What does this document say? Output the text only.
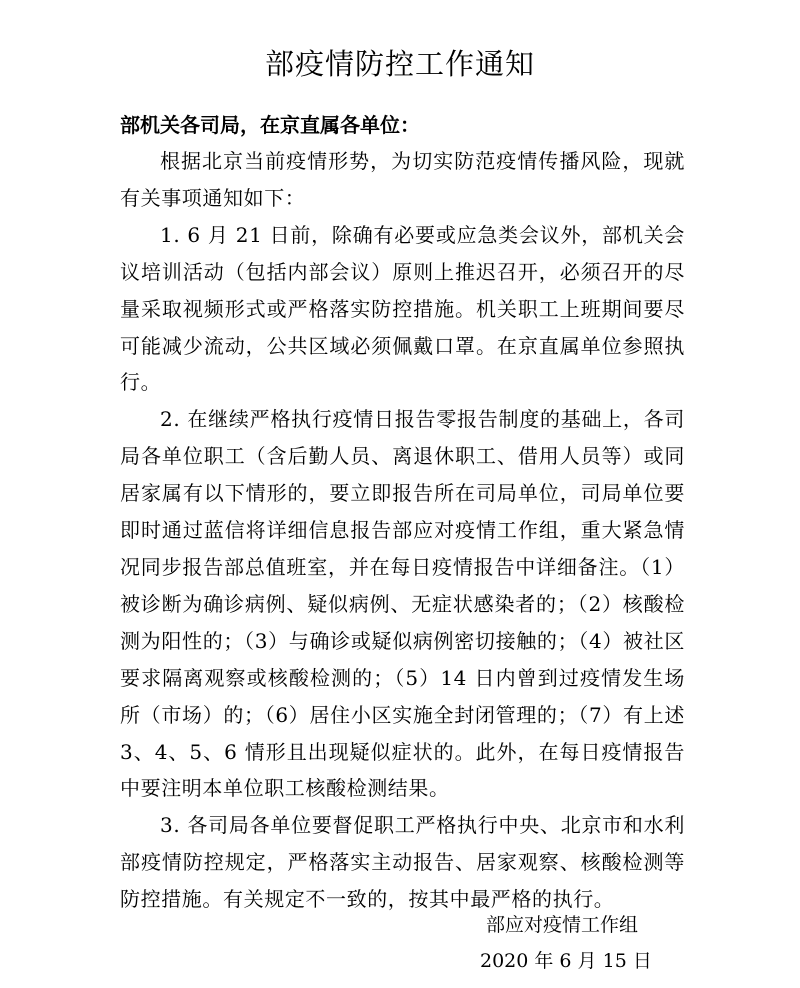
部疫情防控工作通知
部机关各司局，在京直属各单位：

根据北京当前疫情形势，为切实防范疫情传播风险，现就有关事项通知如下：

1. 6 月 21 日前，除确有必要或应急类会议外，部机关会议培训活动（包括内部会议）原则上推迟召开，必须召开的尽量采取视频形式或严格落实防控措施。机关职工上班期间要尽可能减少流动，公共区域必须佩戴口罩。在京直属单位参照执行。

2. 在继续严格执行疫情日报告零报告制度的基础上，各司局各单位职工（含后勤人员、离退休职工、借用人员等）或同居家属有以下情形的，要立即报告所在司局单位，司局单位要即时通过蓝信将详细信息报告部应对疫情工作组，重大紧急情况同步报告部总值班室，并在每日疫情报告中详细备注。（1）被诊断为确诊病例、疑似病例、无症状感染者的；（2）核酸检测为阳性的；（3）与确诊或疑似病例密切接触的；（4）被社区要求隔离观察或核酸检测的；（5）14 日内曾到过疫情发生场所（市场）的；（6）居住小区实施全封闭管理的；（7）有上述 3、4、5、6 情形且出现疑似症状的。此外，在每日疫情报告中要注明本单位职工核酸检测结果。

3. 各司局各单位要督促职工严格执行中央、北京市和水利部疫情防控规定，严格落实主动报告、居家观察、核酸检测等防控措施。有关规定不一致的，按其中最严格的执行。

部应对疫情工作组
2020 年 6 月 15 日
